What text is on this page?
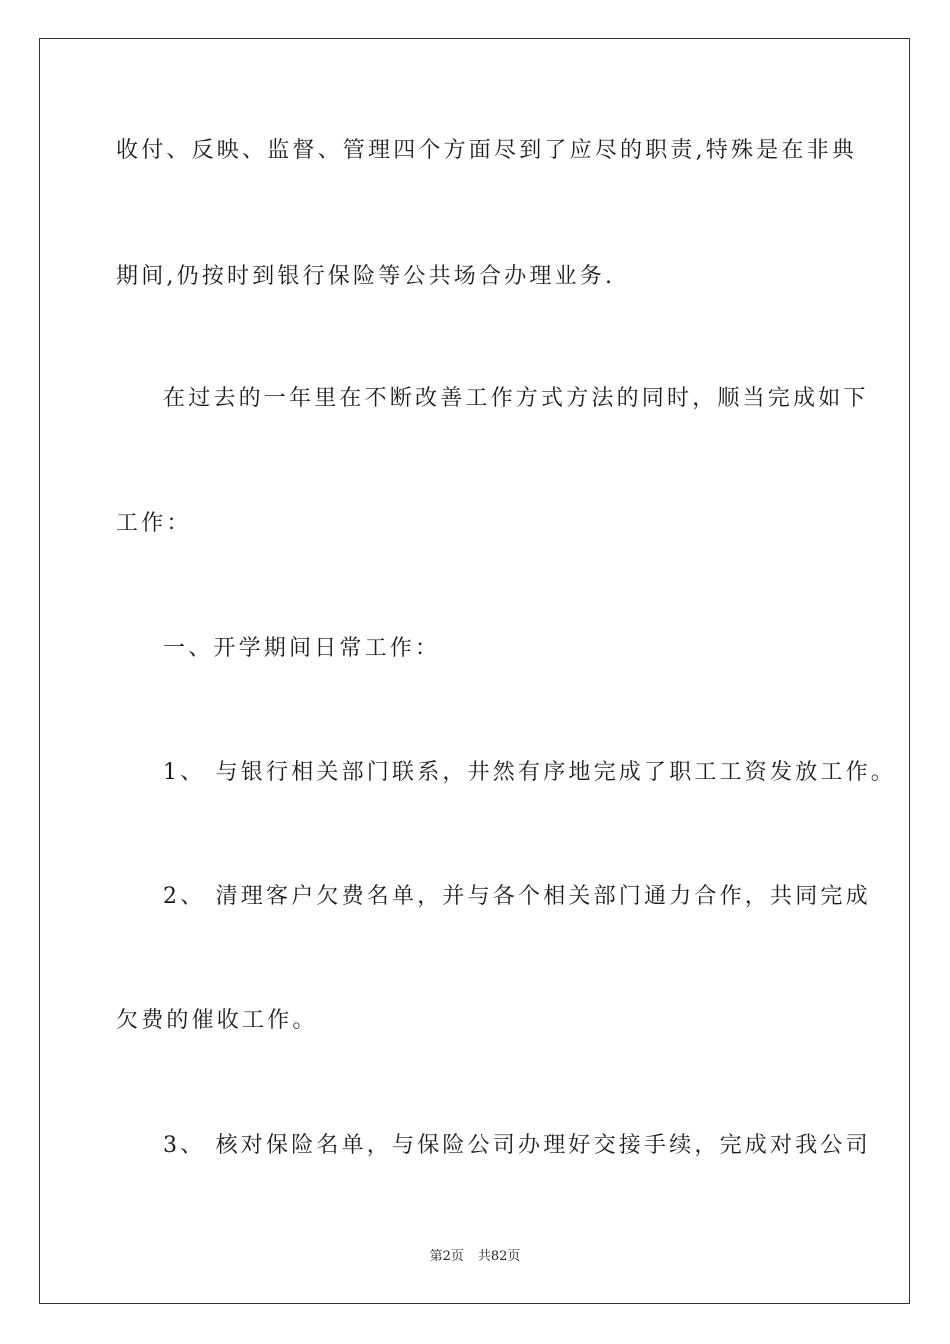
收付、反映、监督、管理四个方面尽到了应尽的职责,特殊是在非典
期间,仍按时到银行保险等公共场合办理业务.
在过去的一年里在不断改善工作方式方法的同时，顺当完成如下
工作：
一、开学期间日常工作：
1、 与银行相关部门联系，井然有序地完成了职工工资发放工作。
2、 清理客户欠费名单，并与各个相关部门通力合作，共同完成
欠费的催收工作。
3、 核对保险名单，与保险公司办理好交接手续，完成对我公司
第2页 共82页
